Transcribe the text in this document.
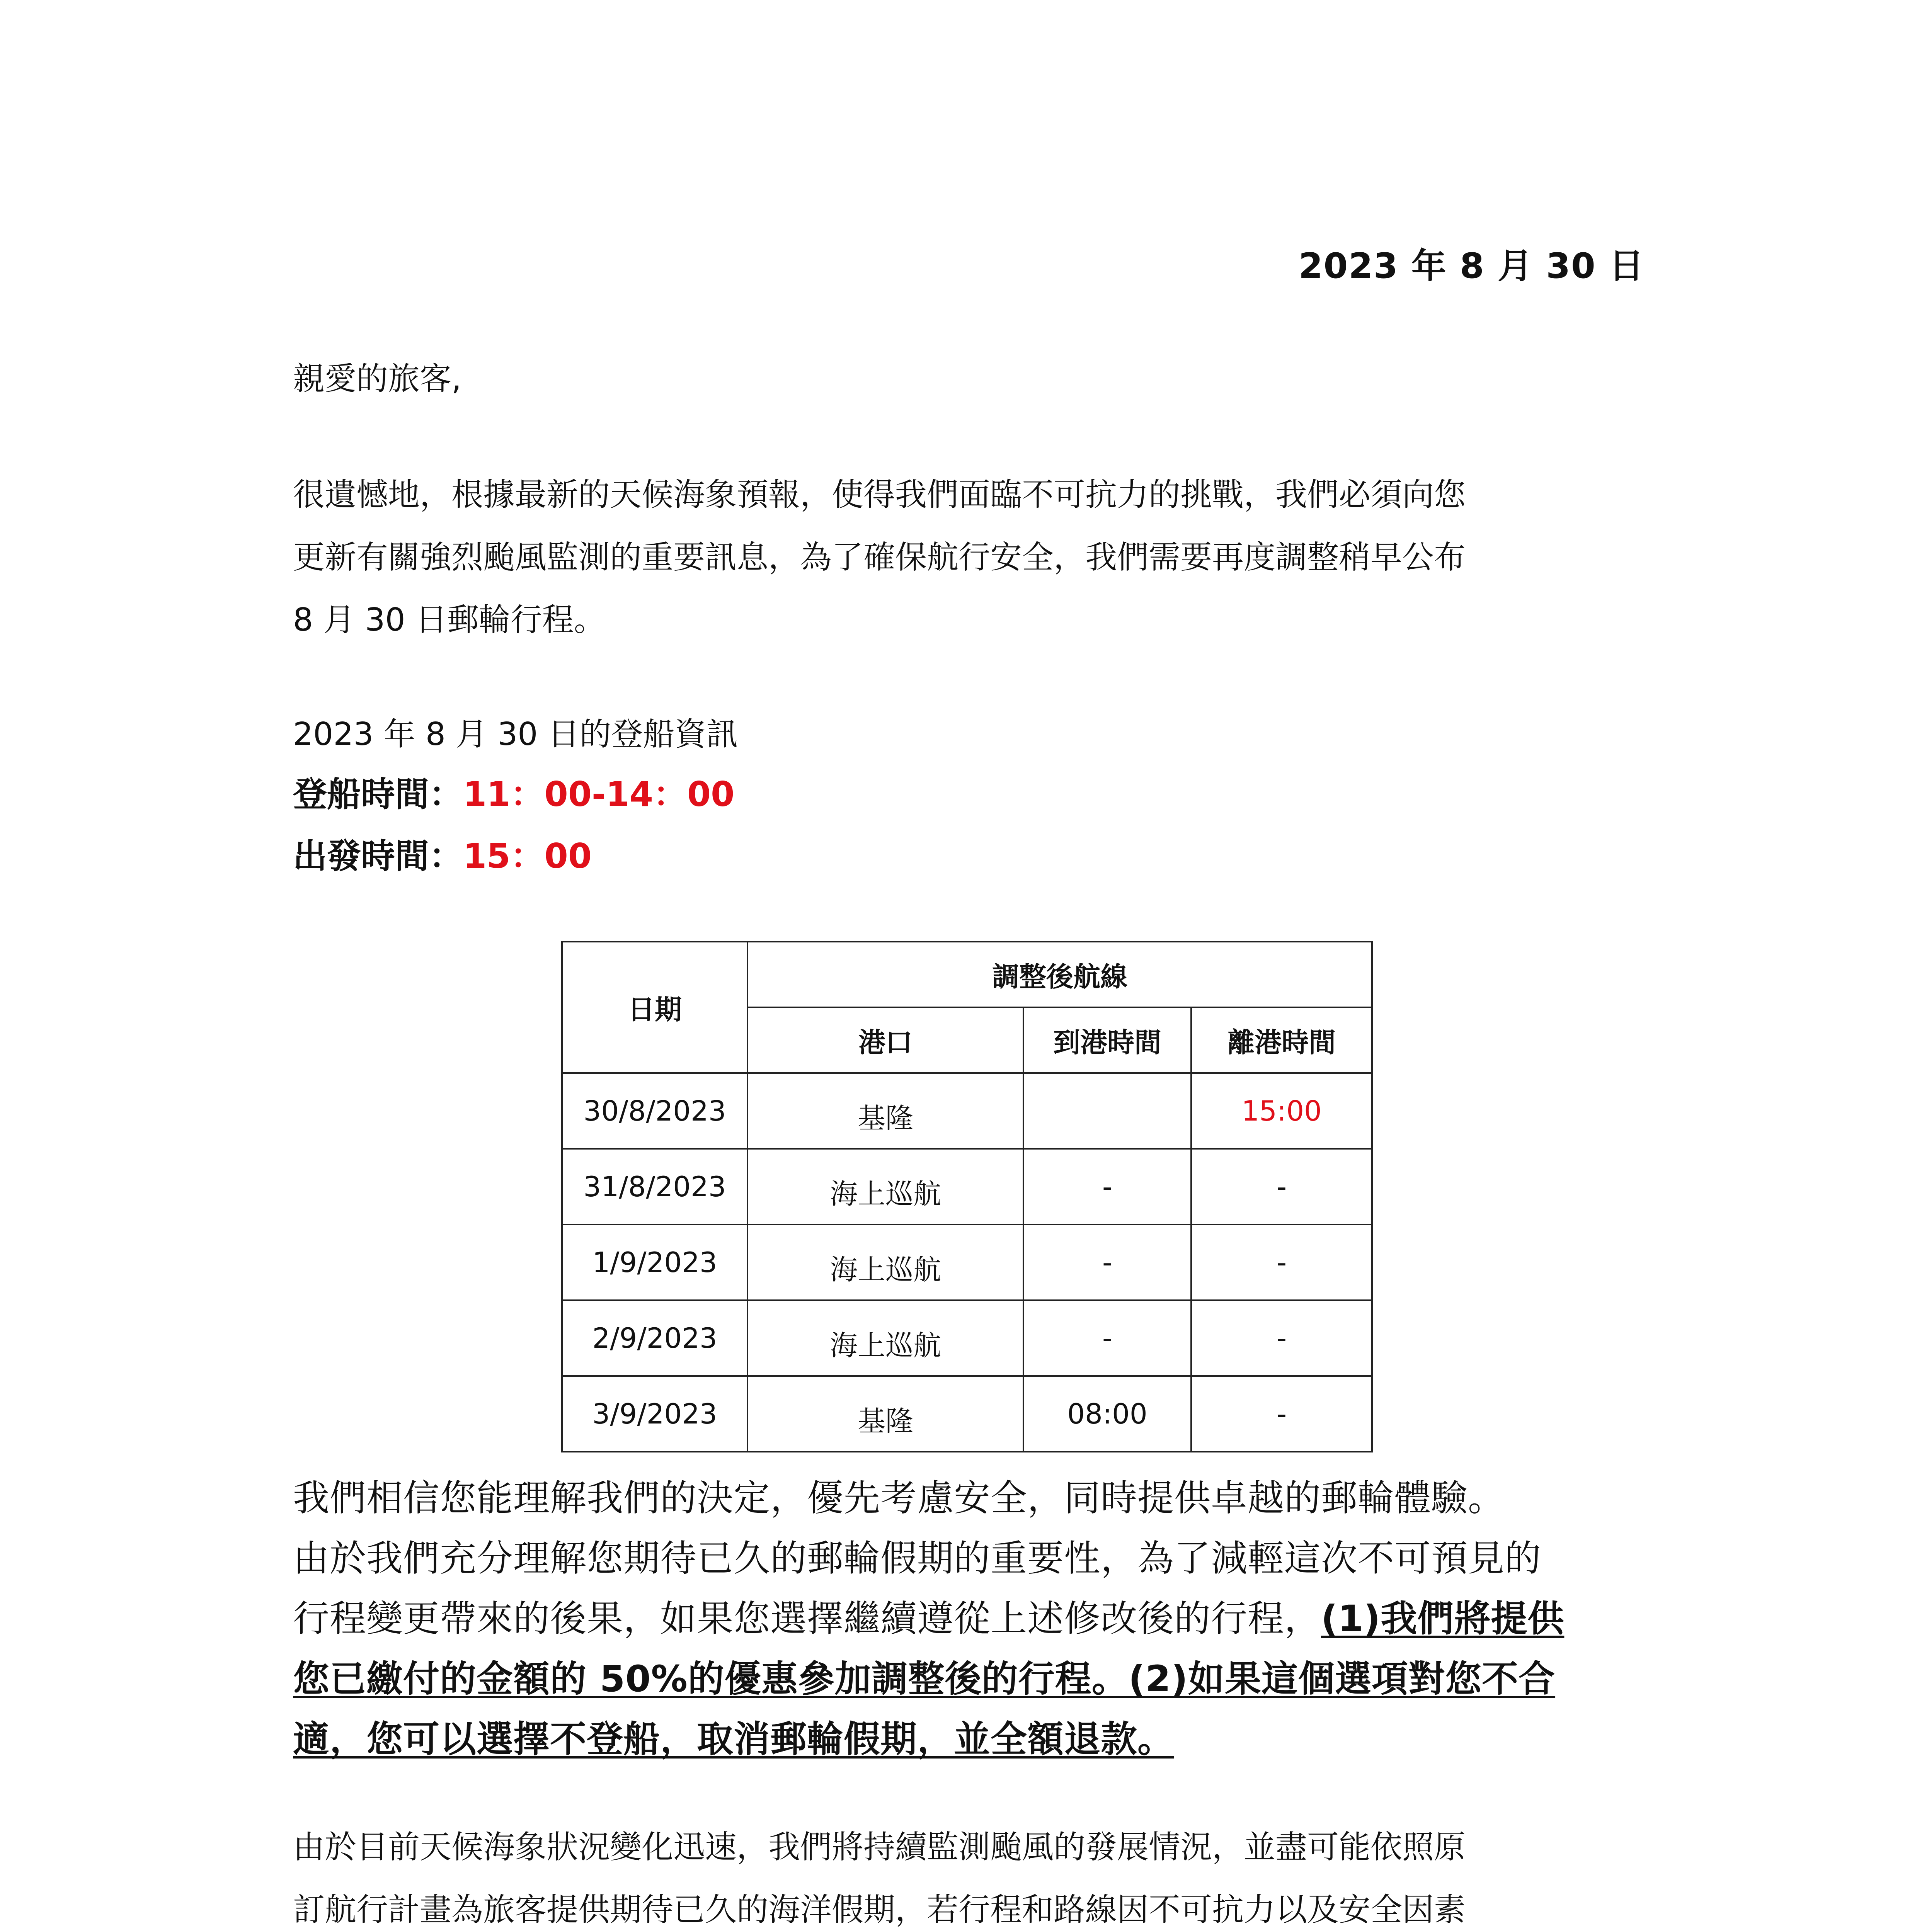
2023 年 8 月 30 日

親愛的旅客,

很遺憾地，根據最新的天候海象預報，使得我們面臨不可抗力的挑戰，我們必須向您
更新有關強烈颱風監測的重要訊息，為了確保航行安全，我們需要再度調整稍早公布
8 月 30 日郵輪行程。

2023 年 8 月 30 日的登船資訊

登船時間：11：00-14：00

出發時間：15：00

日期	調整後航線		
	港口	到港時間	離港時間
30/8/2023	基隆		15:00
31/8/2023	海上巡航	-	-
1/9/2023	海上巡航	-	-
2/9/2023	海上巡航	-	-
3/9/2023	基隆	08:00	-

我們相信您能理解我們的決定，優先考慮安全，同時提供卓越的郵輪體驗。
由於我們充分理解您期待已久的郵輪假期的重要性，為了減輕這次不可預見的
行程變更帶來的後果，如果您選擇繼續遵從上述修改後的行程，(1)我們將提供
您已繳付的金額的 50%的優惠參加調整後的行程。(2)如果這個選項對您不合
適，您可以選擇不登船，取消郵輪假期，並全額退款。

由於目前天候海象狀況變化迅速，我們將持續監測颱風的發展情況，並盡可能依照原
訂航行計畫為旅客提供期待已久的海洋假期，若行程和路線因不可抗力以及安全因素
